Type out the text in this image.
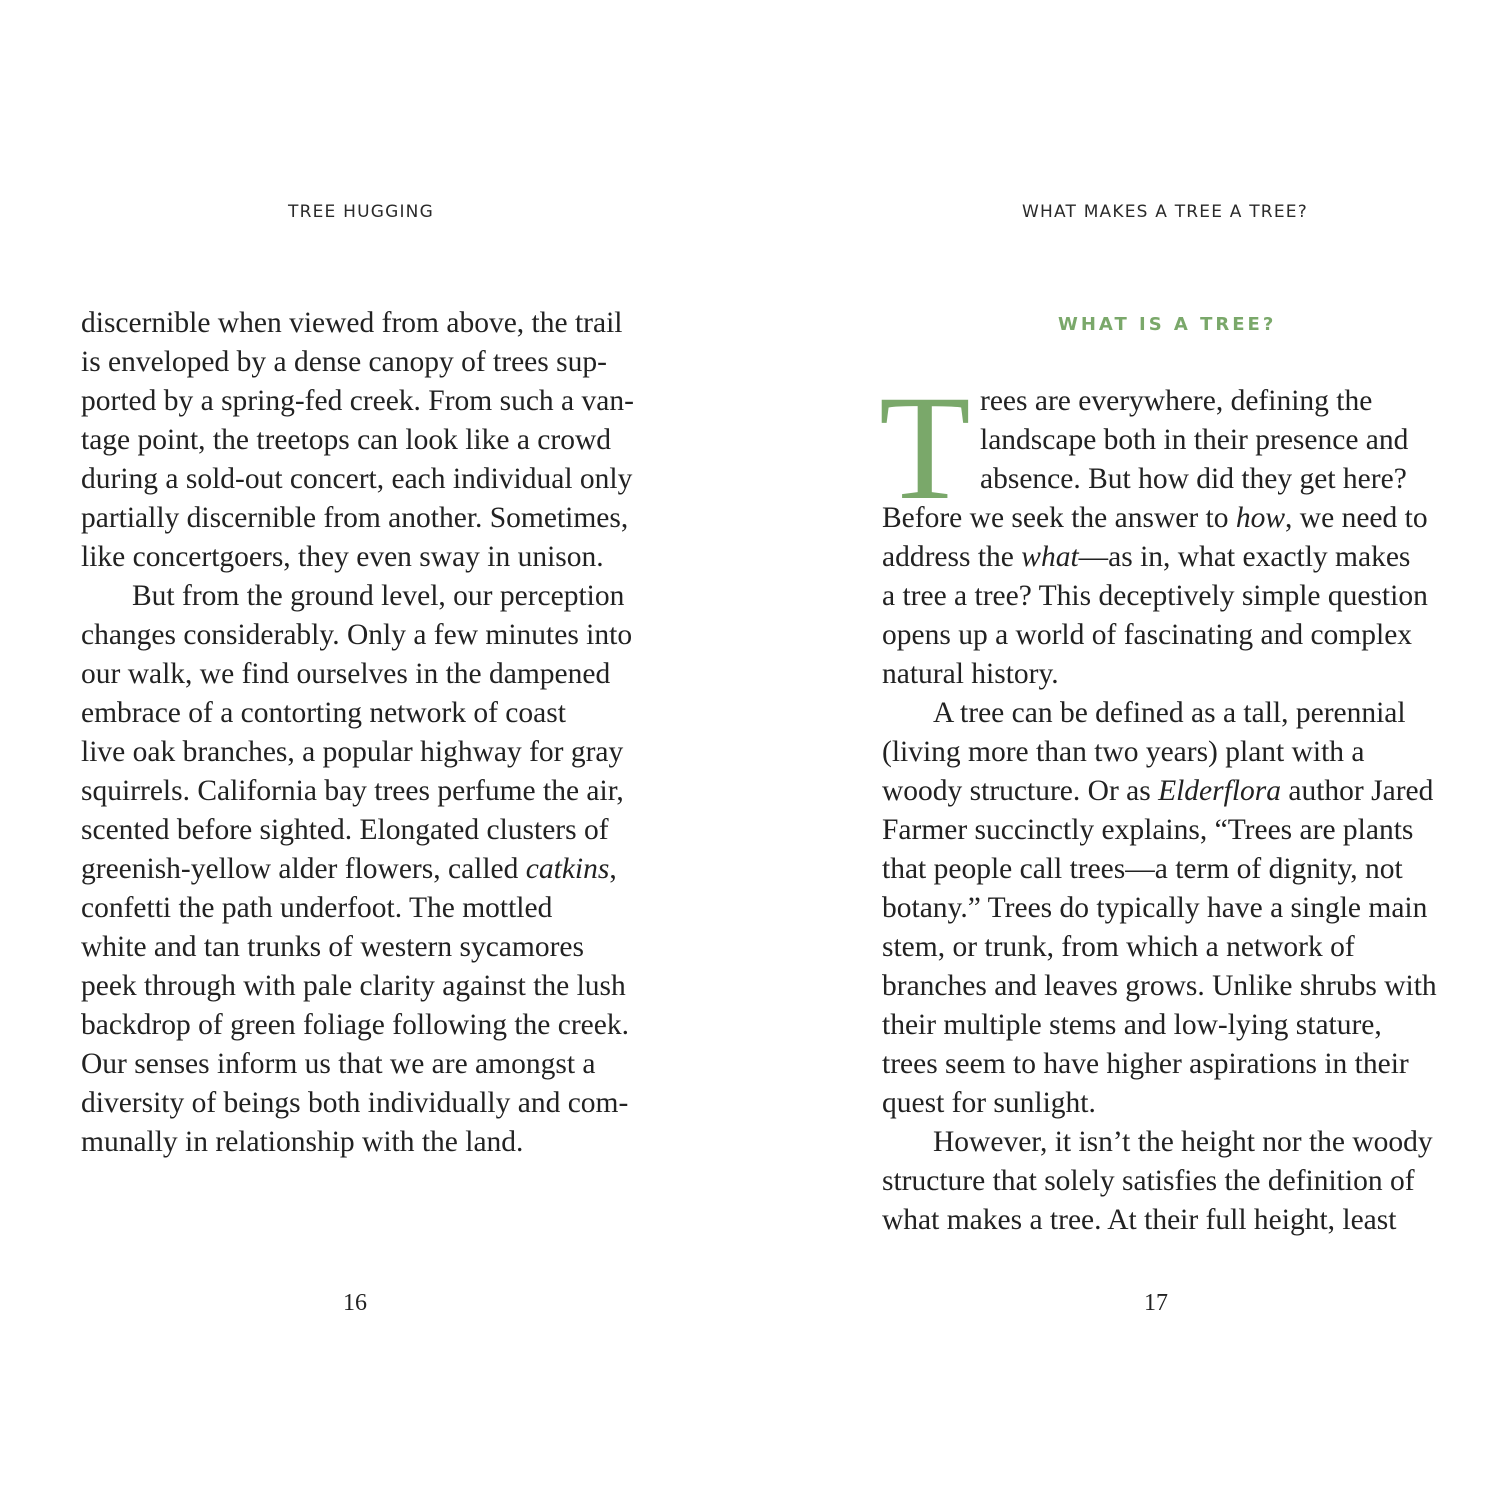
TREE HUGGING
discernible when viewed from above, the trail
is enveloped by a dense canopy of trees sup-
ported by a spring-fed creek. From such a van-
tage point, the treetops can look like a crowd
during a sold-out concert, each individual only
partially discernible from another. Sometimes,
like concertgoers, they even sway in unison.
But from the ground level, our perception
changes considerably. Only a few minutes into
our walk, we find ourselves in the dampened
embrace of a contorting network of coast
live oak branches, a popular highway for gray
squirrels. California bay trees perfume the air,
scented before sighted. Elongated clusters of
greenish-yellow alder flowers, called catkins,
confetti the path underfoot. The mottled
white and tan trunks of western sycamores
peek through with pale clarity against the lush
backdrop of green foliage following the creek.
Our senses inform us that we are amongst a
diversity of beings both individually and com-
munally in relationship with the land.
16
WHAT MAKES A TREE A TREE?
WHAT IS A TREE?
T rees are everywhere, defining the
landscape both in their presence and
absence. But how did they get here?
Before we seek the answer to how, we need to
address the what—as in, what exactly makes
a tree a tree? This deceptively simple question
opens up a world of fascinating and complex
natural history.
A tree can be defined as a tall, perennial
(living more than two years) plant with a
woody structure. Or as Elderflora author Jared
Farmer succinctly explains, “Trees are plants
that people call trees—a term of dignity, not
botany.” Trees do typically have a single main
stem, or trunk, from which a network of
branches and leaves grows. Unlike shrubs with
their multiple stems and low-lying stature,
trees seem to have higher aspirations in their
quest for sunlight.
However, it isn’t the height nor the woody
structure that solely satisfies the definition of
what makes a tree. At their full height, least
17
